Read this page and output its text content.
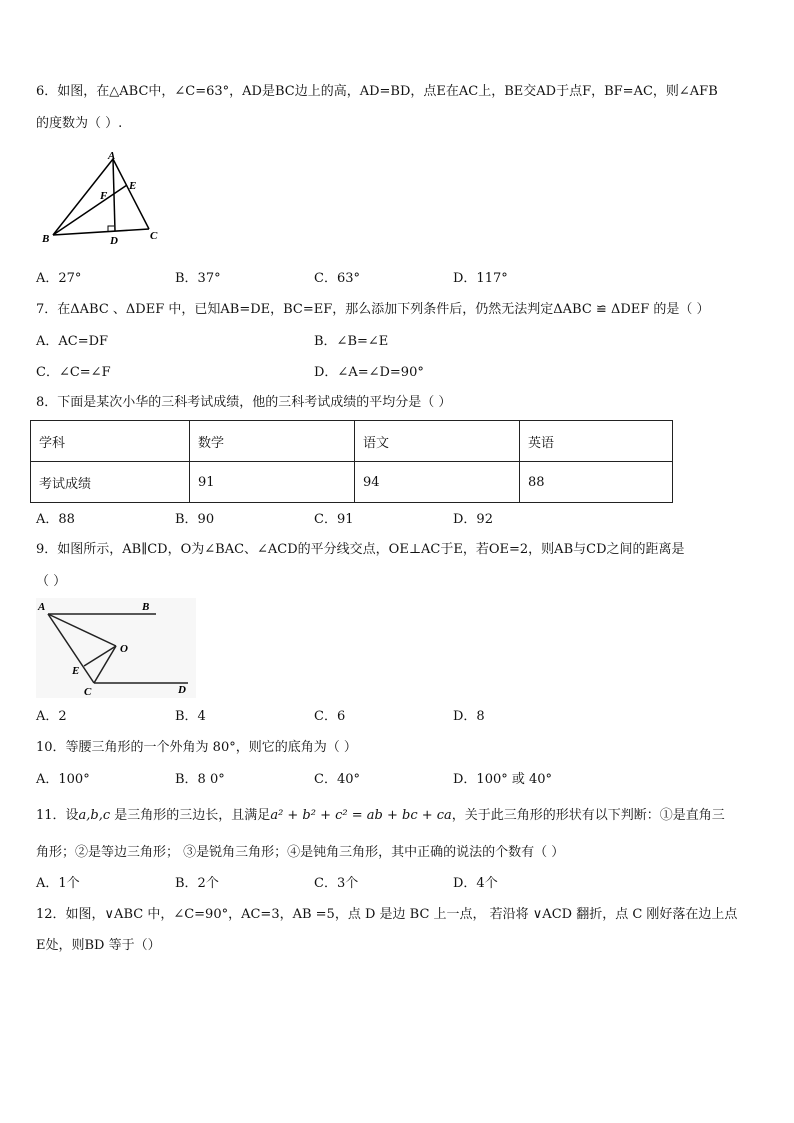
6．如图，在△ABC中，∠C=63°，AD是BC边上的高，AD=BD，点E在AC上，BE交AD于点F，BF=AC，则∠AFB
的度数为（ ）.
A
E
F
B	D	C
A．27°	B．37°	C．63°	D．117°
7．在ΔABC 、ΔDEF 中，已知AB=DE，BC=EF，那么添加下列条件后，仍然无法判定ΔABC ≌ ΔDEF 的是（ ）
A．AC=DF	B．∠B=∠E
C．∠C=∠F	D．∠A=∠D=90°
8．下面是某次小华的三科考试成绩，他的三科考试成绩的平均分是（ ）
学科	数学	语文	英语
考试成绩	91	94	88
A．88	B．90	C．91	D．92
9．如图所示，AB∥CD，O为∠BAC、∠ACD的平分线交点，OE⊥AC于E，若OE=2，则AB与CD之间的距离是
（ ）
A	B
O
E
C	D
A．2	B．4	C．6	D．8
10．等腰三角形的一个外角为 80°，则它的底角为（ ）
A．100°	B．8 0°	C．40°	D．100° 或 40°
11．设a,b,c 是三角形的三边长，且满足a² + b² + c² = ab + bc + ca，关于此三角形的形状有以下判断：①是直角三
角形；②是等边三角形； ③是锐角三角形；④是钝角三角形，其中正确的说法的个数有（ ）
A．1个	B．2个	C．3个	D．4个
12．如图，∨ABC 中，∠C=90°，AC=3，AB =5，点 D 是边 BC 上一点， 若沿将 ∨ACD 翻折，点 C 刚好落在边上点
E处，则BD 等于（）
